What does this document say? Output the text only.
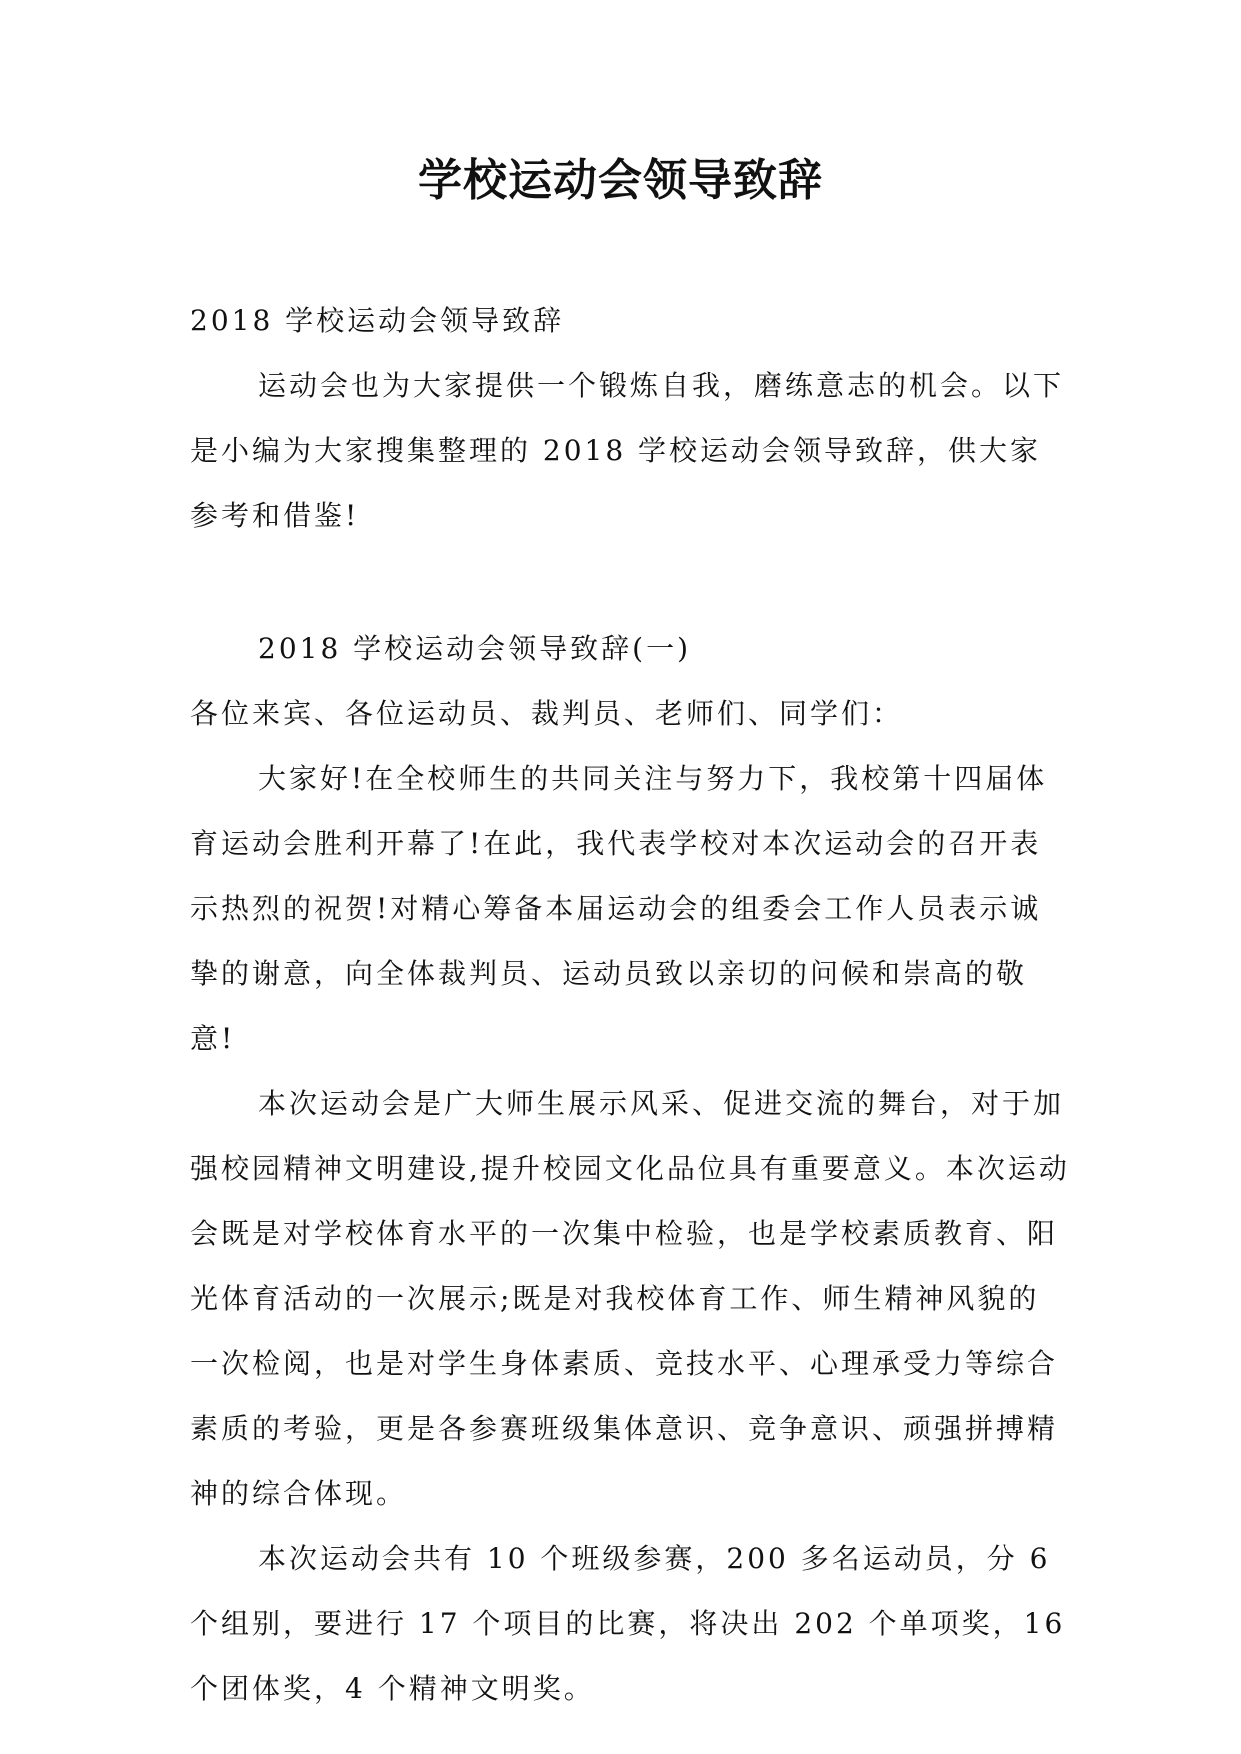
学校运动会领导致辞

2018 学校运动会领导致辞

运动会也为大家提供一个锻炼自我，磨练意志的机会。以下是小编为大家搜集整理的 2018 学校运动会领导致辞，供大家参考和借鉴!

2018 学校运动会领导致辞(一)

各位来宾、各位运动员、裁判员、老师们、同学们：

大家好!在全校师生的共同关注与努力下，我校第十四届体育运动会胜利开幕了!在此，我代表学校对本次运动会的召开表示热烈的祝贺!对精心筹备本届运动会的组委会工作人员表示诚挚的谢意，向全体裁判员、运动员致以亲切的问候和崇高的敬意!

本次运动会是广大师生展示风采、促进交流的舞台，对于加强校园精神文明建设,提升校园文化品位具有重要意义。本次运动会既是对学校体育水平的一次集中检验，也是学校素质教育、阳光体育活动的一次展示;既是对我校体育工作、师生精神风貌的一次检阅，也是对学生身体素质、竞技水平、心理承受力等综合素质的考验，更是各参赛班级集体意识、竞争意识、顽强拼搏精神的综合体现。

本次运动会共有 10 个班级参赛，200 多名运动员，分 6 个组别，要进行 17 个项目的比赛，将决出 202 个单项奖，16 个团体奖，4 个精神文明奖。
